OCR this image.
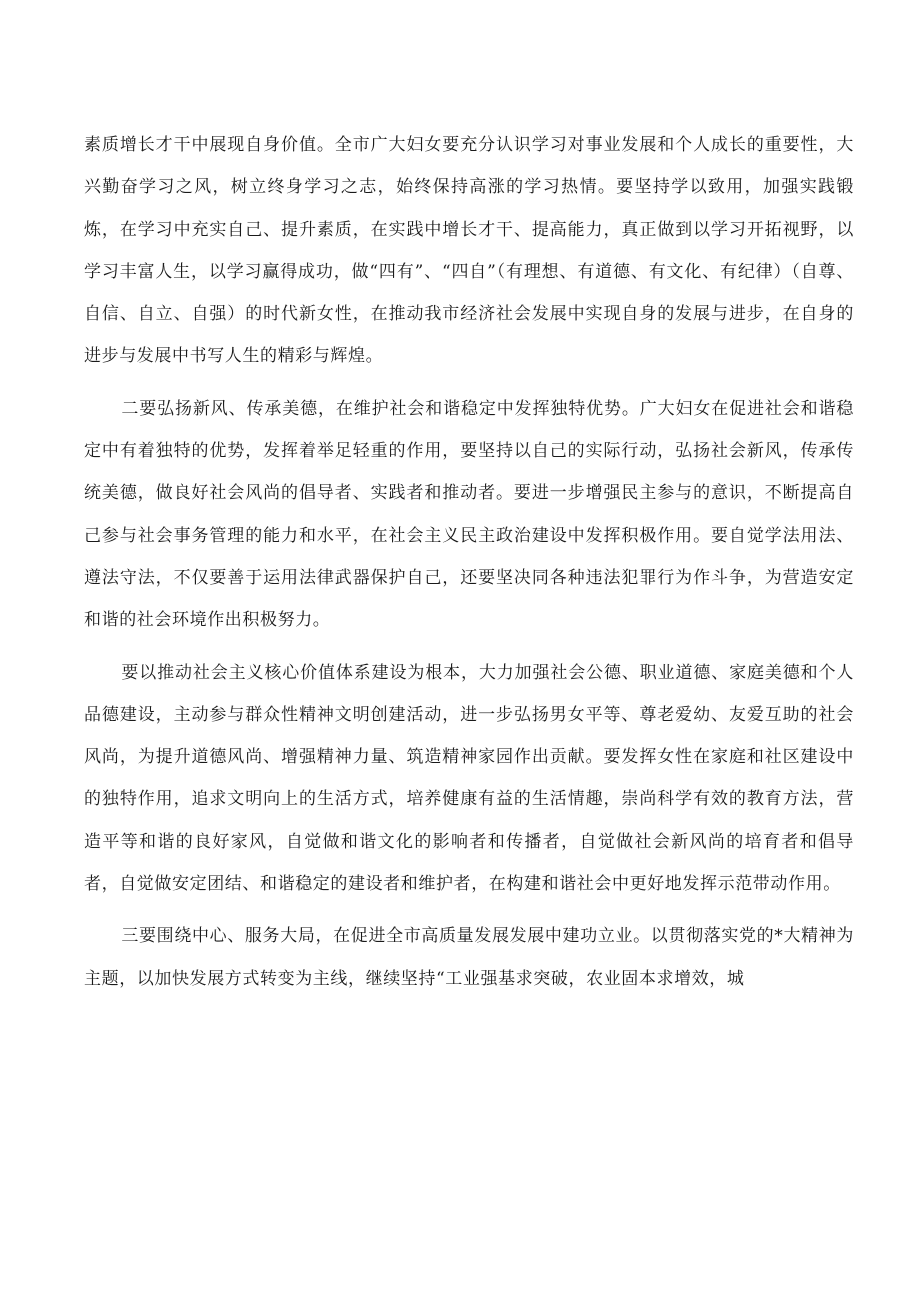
素质增长才干中展现自身价值。全市广大妇女要充分认识学习对事业发展和个人成长的重要性，大兴勤奋学习之风，树立终身学习之志，始终保持高涨的学习热情。要坚持学以致用，加强实践锻炼，在学习中充实自己、提升素质，在实践中增长才干、提高能力，真正做到以学习开拓视野，以学习丰富人生，以学习赢得成功，做“四有”、“四自”（有理想、有道德、有文化、有纪律）（自尊、自信、自立、自强）的时代新女性，在推动我市经济社会发展中实现自身的发展与进步，在自身的进步与发展中书写人生的精彩与辉煌。

二要弘扬新风、传承美德，在维护社会和谐稳定中发挥独特优势。广大妇女在促进社会和谐稳定中有着独特的优势，发挥着举足轻重的作用，要坚持以自己的实际行动，弘扬社会新风，传承传统美德，做良好社会风尚的倡导者、实践者和推动者。要进一步增强民主参与的意识，不断提高自己参与社会事务管理的能力和水平，在社会主义民主政治建设中发挥积极作用。要自觉学法用法、遵法守法，不仅要善于运用法律武器保护自己，还要坚决同各种违法犯罪行为作斗争，为营造安定和谐的社会环境作出积极努力。

要以推动社会主义核心价值体系建设为根本，大力加强社会公德、职业道德、家庭美德和个人品德建设，主动参与群众性精神文明创建活动，进一步弘扬男女平等、尊老爱幼、友爱互助的社会风尚，为提升道德风尚、增强精神力量、筑造精神家园作出贡献。要发挥女性在家庭和社区建设中的独特作用，追求文明向上的生活方式，培养健康有益的生活情趣，崇尚科学有效的教育方法，营造平等和谐的良好家风，自觉做和谐文化的影响者和传播者，自觉做社会新风尚的培育者和倡导者，自觉做安定团结、和谐稳定的建设者和维护者，在构建和谐社会中更好地发挥示范带动作用。

三要围绕中心、服务大局，在促进全市高质量发展发展中建功立业。以贯彻落实党的*大精神为主题，以加快发展方式转变为主线，继续坚持“工业强基求突破，农业固本求增效，城
